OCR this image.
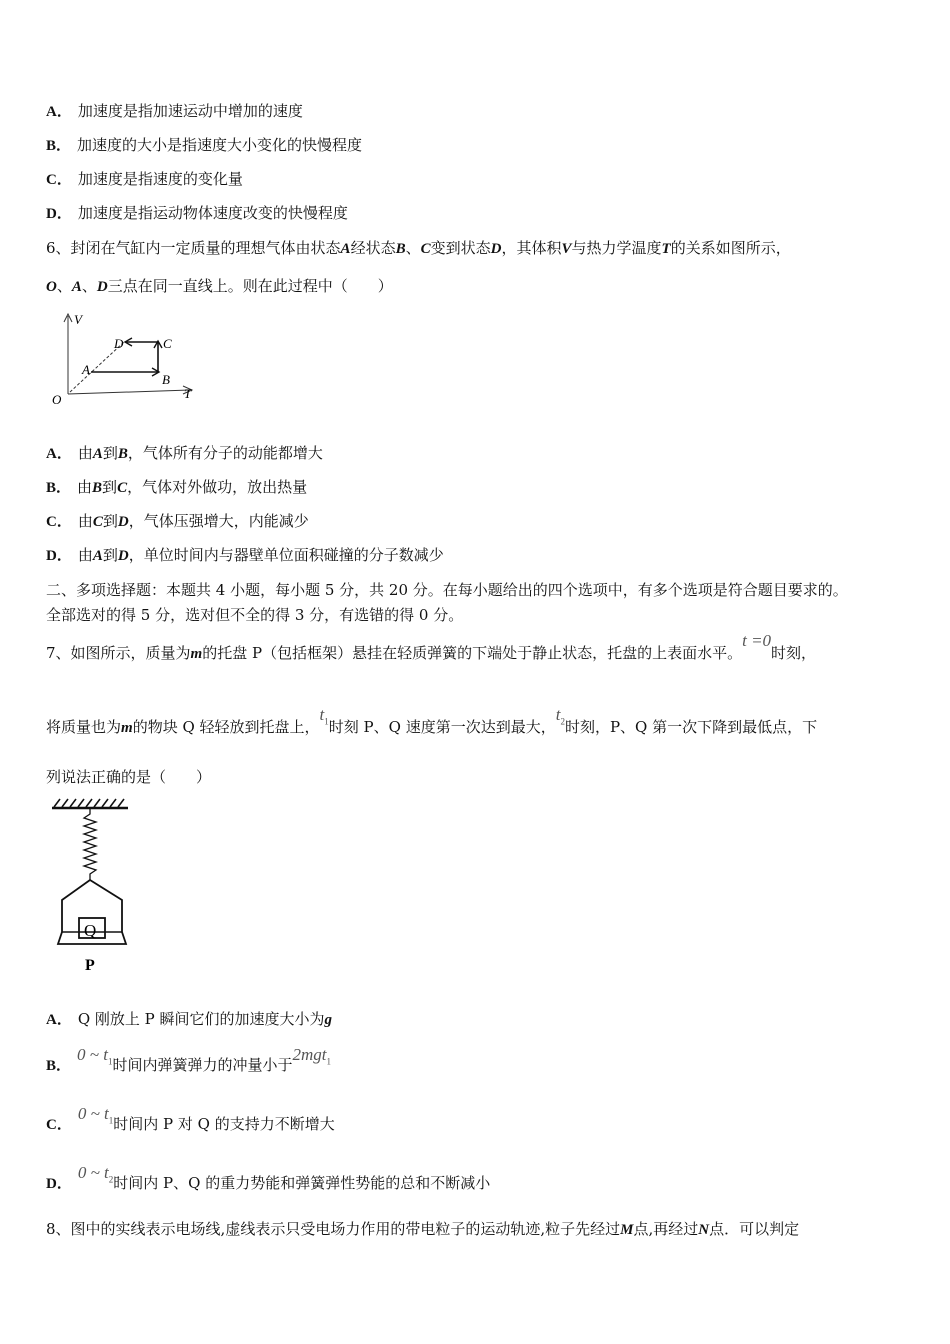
A． 加速度是指加速运动中增加的速度
B． 加速度的大小是指速度大小变化的快慢程度
C． 加速度是指速度的变化量
D． 加速度是指运动物体速度改变的快慢程度
6、封闭在气缸内一定质量的理想气体由状态A经状态B、C变到状态D，其体积V与热力学温度T的关系如图所示，
O、A、D三点在同一直线上。则在此过程中（　　）
V
T
O
A
B
C
D
A． 由A到B，气体所有分子的动能都增大
B． 由B到C，气体对外做功，放出热量
C． 由C到D，气体压强增大，内能减少
D． 由A到D，单位时间内与器壁单位面积碰撞的分子数减少
二、多项选择题：本题共 4 小题，每小题 5 分，共 20 分。在每小题给出的四个选项中，有多个选项是符合题目要求的。
全部选对的得 5 分，选对但不全的得 3 分，有选错的得 0 分。
7、如图所示，质量为m的托盘 P（包括框架）悬挂在轻质弹簧的下端处于静止状态，托盘的上表面水平。t =0时刻，
将质量也为m的物块 Q 轻轻放到托盘上，$t_1$时刻 P、Q 速度第一次达到最大，$t_2$时刻，P、Q 第一次下降到最低点，下
列说法正确的是（　　）
Q
P
A． Q 刚放上 P 瞬间它们的加速度大小为g
B．0 ~ $t_1$时间内弹簧弹力的冲量小于2mgt$_1$
C．0 ~ $t_1$时间内 P 对 Q 的支持力不断增大
D．0 ~ $t_2$时间内 P、Q 的重力势能和弹簧弹性势能的总和不断减小
8、图中的实线表示电场线,虚线表示只受电场力作用的带电粒子的运动轨迹,粒子先经过M点,再经过N点．可以判定
